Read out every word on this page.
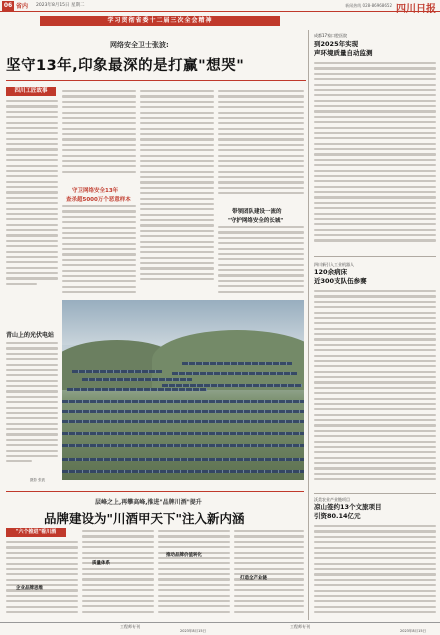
06 省内 2023年8月15日 星期二	新闻热线 028-86968652 四川日报
学习贯彻省委十二届三次全会精神
网络安全卫士张波:
坚守13年,印象最深的是打赢"想哭"
四川工匠故事
守卫网络安全13年
查杀超5000万个恶意样本
带领团队建设一流的
"守护网络安全的长城"
青山上的光伏电站
摄影 张波
成都17家口腔医院
到2025年实现
声环境质量自动监测
四川新引入工业机器人
120余病床
近300支队伍参赛
沃美农业产业链项目
凉山签约13个文旅项目
引资80.14亿元
层峰之上,再攀高峰,推进"品牌川酒"提升
品牌建设为"川酒甲天下"注入新内涵
"六个推进"看川酒
企业品牌思维
质量体系
推动品牌价值转化
打造全产业链
工程师专刊	工程师专刊
2023年8月15日	2023年8月15日
